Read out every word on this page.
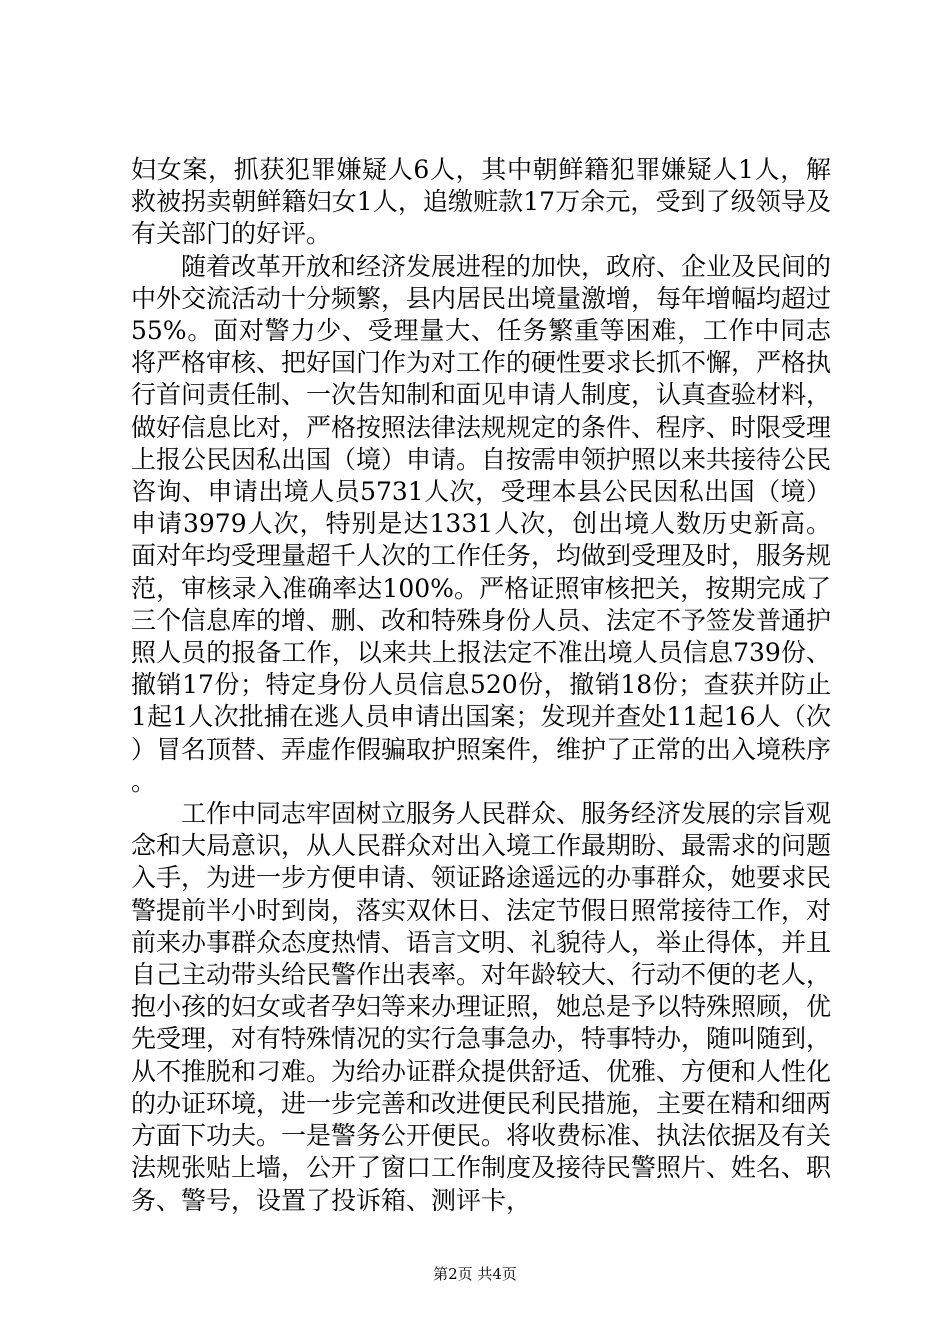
妇女案，抓获犯罪嫌疑人6人，其中朝鲜籍犯罪嫌疑人1人，解救被拐卖朝鲜籍妇女1人，追缴赃款17万余元，受到了级领导及有关部门的好评。

随着改革开放和经济发展进程的加快，政府、企业及民间的中外交流活动十分频繁，县内居民出境量激增，每年增幅均超过55%。面对警力少、受理量大、任务繁重等困难，工作中同志将严格审核、把好国门作为对工作的硬性要求长抓不懈，严格执行首问责任制、一次告知制和面见申请人制度，认真查验材料，做好信息比对，严格按照法律法规规定的条件、程序、时限受理上报公民因私出国（境）申请。自按需申领护照以来共接待公民咨询、申请出境人员5731人次，受理本县公民因私出国（境）申请3979人次，特别是达1331人次，创出境人数历史新高。面对年均受理量超千人次的工作任务，均做到受理及时，服务规范，审核录入准确率达100%。严格证照审核把关，按期完成了三个信息库的增、删、改和特殊身份人员、法定不予签发普通护照人员的报备工作，以来共上报法定不准出境人员信息739份、撤销17份；特定身份人员信息520份，撤销18份；查获并防止1起1人次批捕在逃人员申请出国案；发现并查处11起16人（次）冒名顶替、弄虚作假骗取护照案件，维护了正常的出入境秩序。

工作中同志牢固树立服务人民群众、服务经济发展的宗旨观念和大局意识，从人民群众对出入境工作最期盼、最需求的问题入手，为进一步方便申请、领证路途遥远的办事群众，她要求民警提前半小时到岗，落实双休日、法定节假日照常接待工作，对前来办事群众态度热情、语言文明、礼貌待人，举止得体，并且自己主动带头给民警作出表率。对年龄较大、行动不便的老人，抱小孩的妇女或者孕妇等来办理证照，她总是予以特殊照顾，优先受理，对有特殊情况的实行急事急办，特事特办，随叫随到，从不推脱和刁难。为给办证群众提供舒适、优雅、方便和人性化的办证环境，进一步完善和改进便民利民措施，主要在精和细两方面下功夫。一是警务公开便民。将收费标准、执法依据及有关法规张贴上墙，公开了窗口工作制度及接待民警照片、姓名、职务、警号，设置了投诉箱、测评卡，

第2页 共4页
